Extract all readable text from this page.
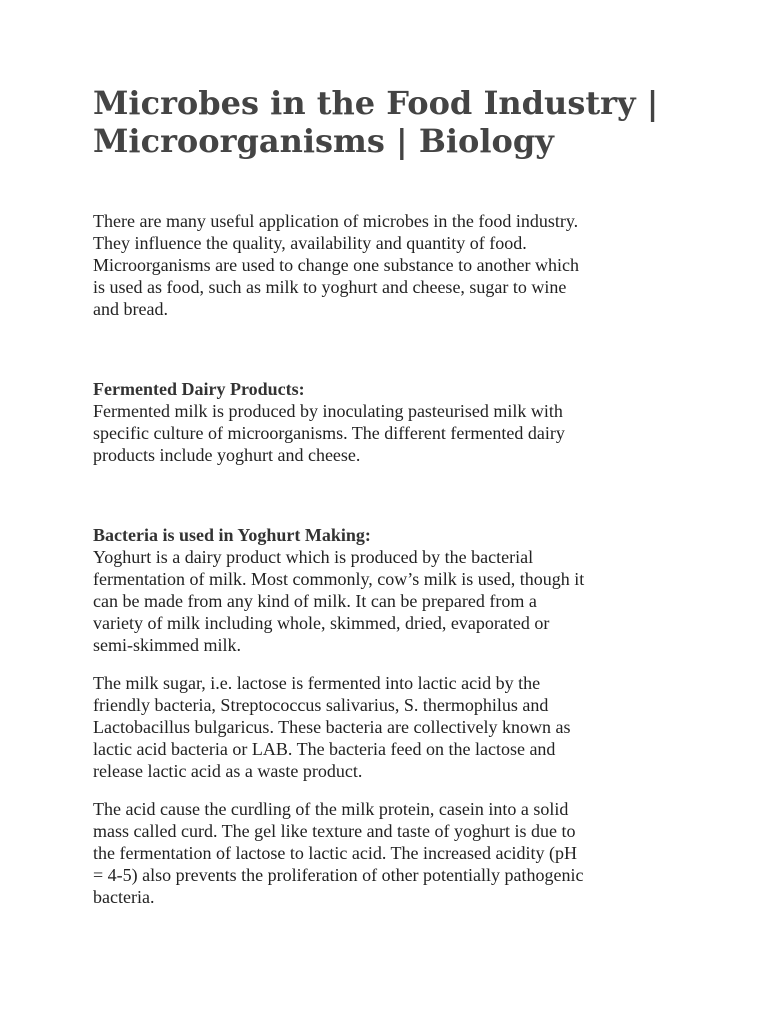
Microbes in the Food Industry |
Microorganisms | Biology

There are many useful application of microbes in the food industry.
They influence the quality, availability and quantity of food.
Microorganisms are used to change one substance to another which
is used as food, such as milk to yoghurt and cheese, sugar to wine
and bread.

Fermented Dairy Products:
Fermented milk is produced by inoculating pasteurised milk with
specific culture of microorganisms. The different fermented dairy
products include yoghurt and cheese.

Bacteria is used in Yoghurt Making:
Yoghurt is a dairy product which is produced by the bacterial
fermentation of milk. Most commonly, cow’s milk is used, though it
can be made from any kind of milk. It can be prepared from a
variety of milk including whole, skimmed, dried, evaporated or
semi-skimmed milk.

The milk sugar, i.e. lactose is fermented into lactic acid by the
friendly bacteria, Streptococcus salivarius, S. thermophilus and
Lactobacillus bulgaricus. These bacteria are collectively known as
lactic acid bacteria or LAB. The bacteria feed on the lactose and
release lactic acid as a waste product.

The acid cause the curdling of the milk protein, casein into a solid
mass called curd. The gel like texture and taste of yoghurt is due to
the fermentation of lactose to lactic acid. The increased acidity (pH
= 4-5) also prevents the proliferation of other potentially pathogenic
bacteria.
